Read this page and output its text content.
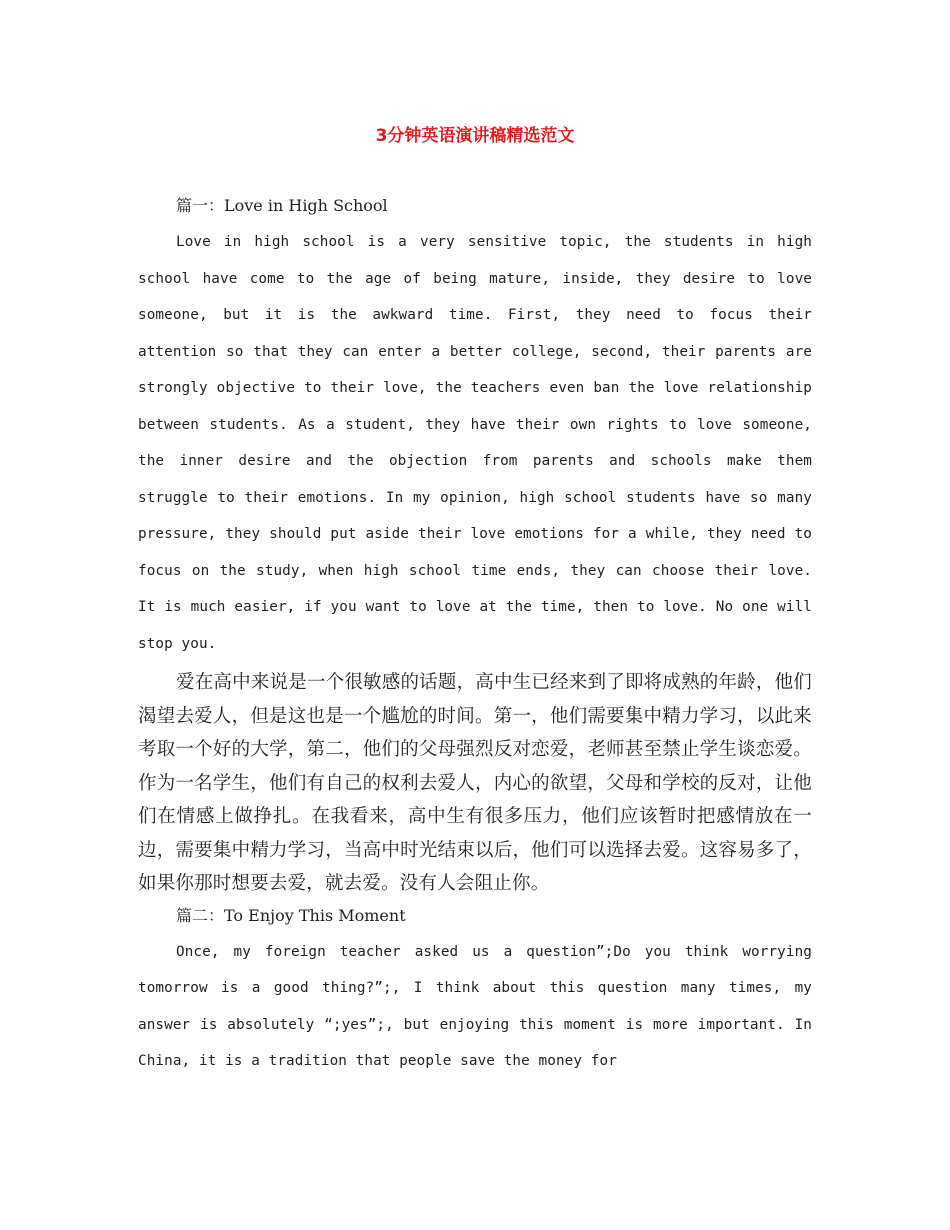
3分钟英语演讲稿精选范文

篇一：Love in High School

Love in high school is a very sensitive topic, the students in high school have come to the age of being mature, inside, they desire to love someone, but it is the awkward time. First, they need to focus their attention so that they can enter a better college, second, their parents are strongly objective to their love, the teachers even ban the love relationship between students. As a student, they have their own rights to love someone, the inner desire and the objection from parents and schools make them struggle to their emotions. In my opinion, high school students have so many pressure, they should put aside their love emotions for a while, they need to focus on the study, when high school time ends, they can choose their love. It is much easier, if you want to love at the time, then to love. No one will stop you.

爱在高中来说是一个很敏感的话题，高中生已经来到了即将成熟的年龄，他们渴望去爱人，但是这也是一个尴尬的时间。第一，他们需要集中精力学习，以此来考取一个好的大学，第二，他们的父母强烈反对恋爱，老师甚至禁止学生谈恋爱。作为一名学生，他们有自己的权利去爱人，内心的欲望，父母和学校的反对，让他们在情感上做挣扎。在我看来，高中生有很多压力，他们应该暂时把感情放在一边，需要集中精力学习，当高中时光结束以后，他们可以选择去爱。这容易多了，如果你那时想要去爱，就去爱。没有人会阻止你。

篇二：To Enjoy This Moment

Once, my foreign teacher asked us a question”;Do you think worrying tomorrow is a good thing?”;, I think about this question many times, my answer is absolutely “;yes”;, but enjoying this moment is more important. In China, it is a tradition that people save the money for
